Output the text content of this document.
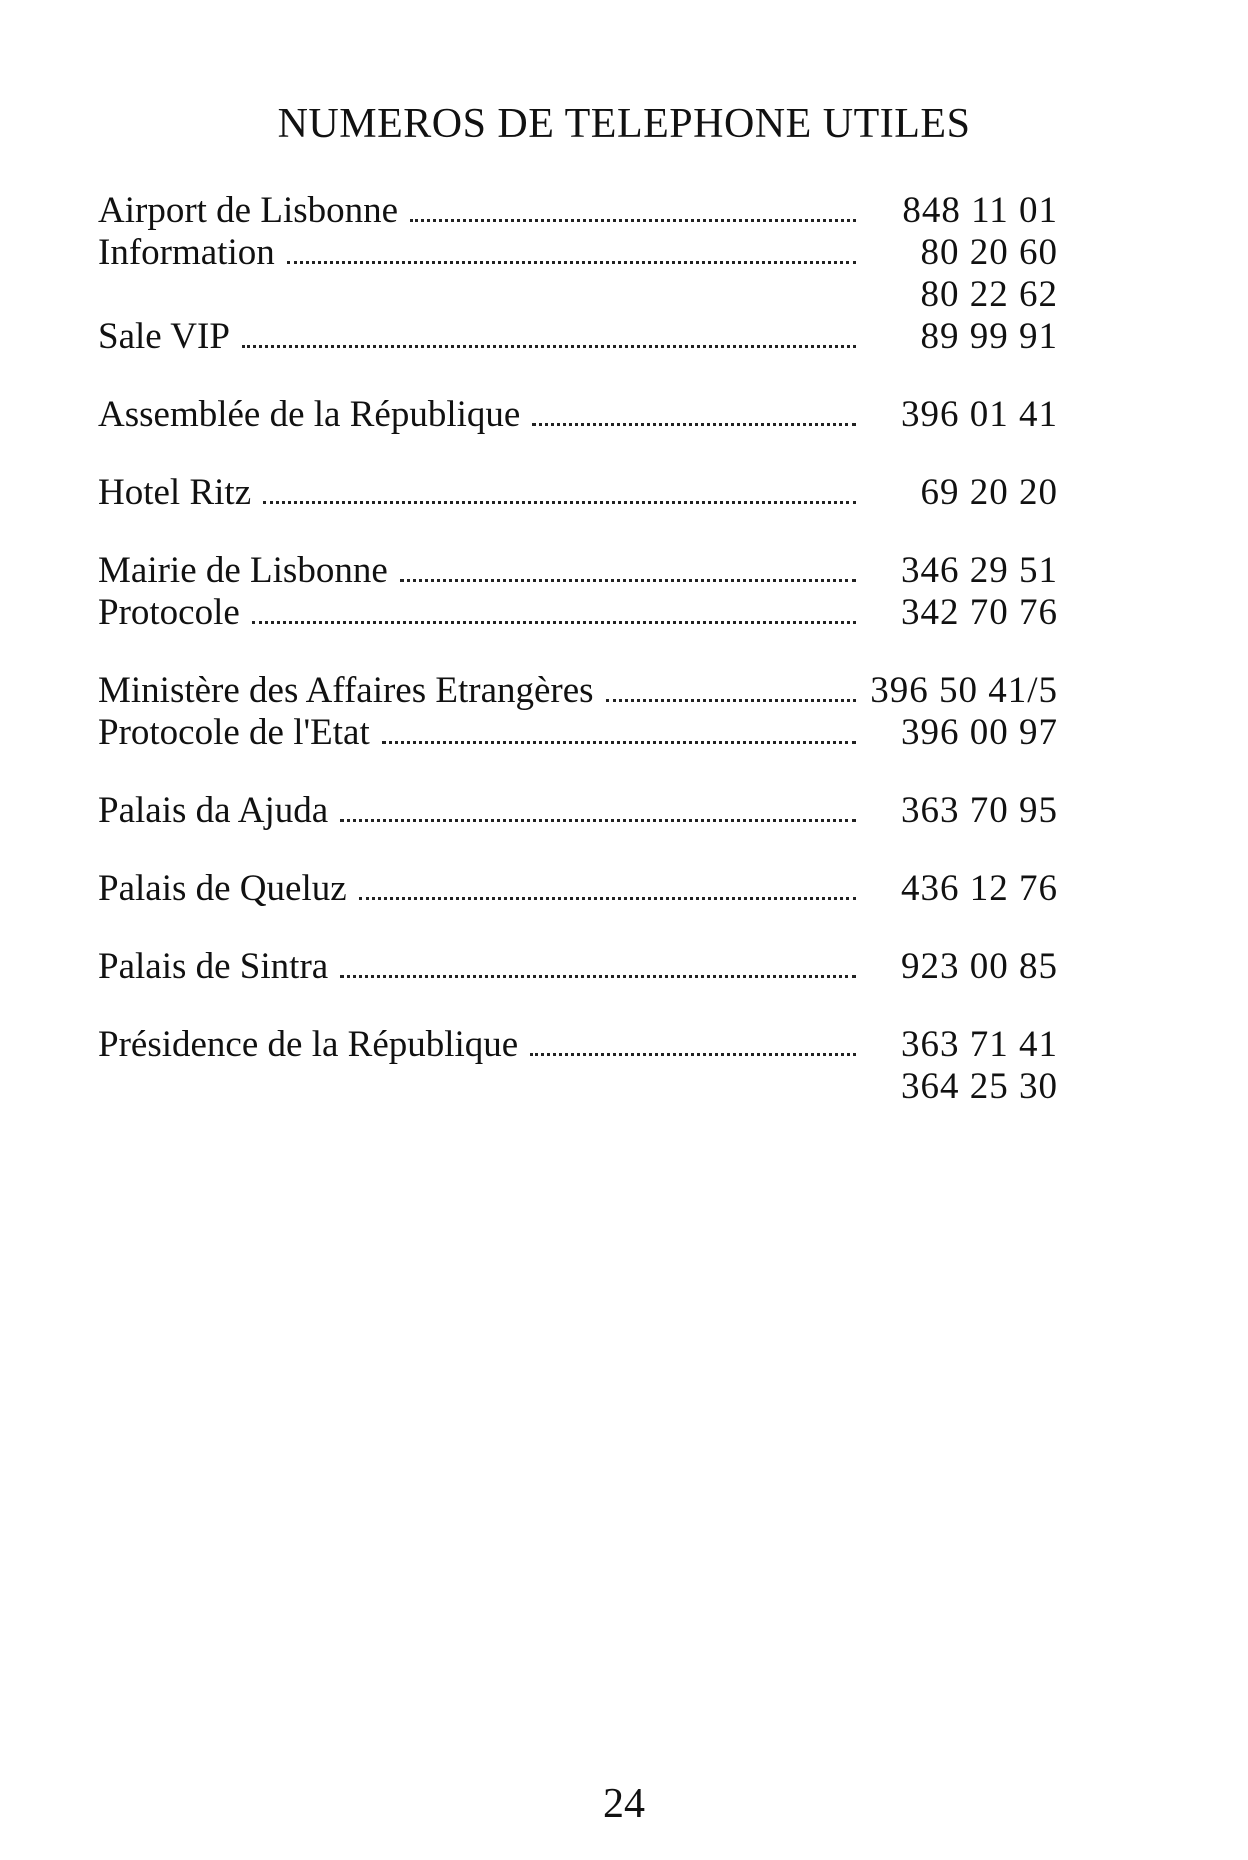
NUMEROS DE TELEPHONE UTILES
Airport de Lisbonne	848 11 01
Information	80 20 60
80 22 62
Sale VIP	89 99 91
Assemblée de la République	396 01 41
Hotel Ritz	69 20 20
Mairie de Lisbonne	346 29 51
Protocole	342 70 76
Ministère des Affaires Etrangères	396 50 41/5
Protocole de l'Etat	396 00 97
Palais da Ajuda	363 70 95
Palais de Queluz	436 12 76
Palais de Sintra	923 00 85
Présidence de la République	363 71 41
364 25 30
24
